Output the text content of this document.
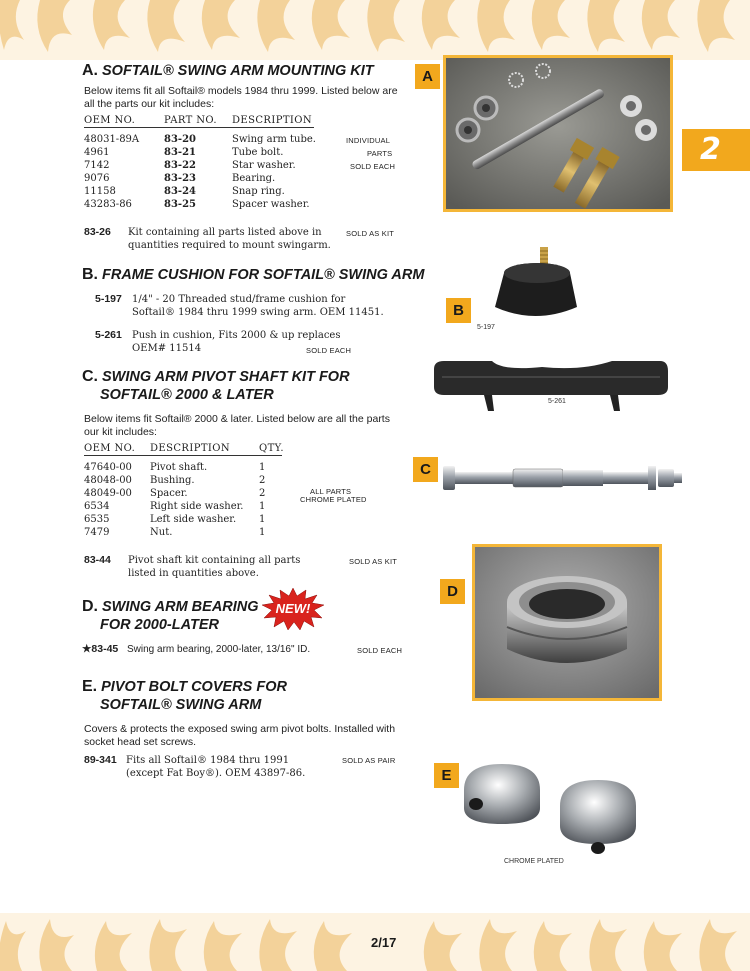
2
A. SOFTAIL® SWING ARM MOUNTING KIT
Below items fit all Softail® models 1984 thru 1999. Listed below are
all the parts our kit includes:
OEM NO.	PART NO. DESCRIPTION
48031-89A 83-20	Swing arm tube.
4961	83-21	Tube bolt.
7142	83-22	Star washer.
9076	83-23	Bearing.
11158	83-24	Snap ring.
43283-86	83-25	Spacer washer.
INDIVIDUAL
PARTS
SOLD EACH
83-26 Kit containing all parts listed above in
quantities required to mount swingarm.
SOLD AS KIT
B. FRAME CUSHION FOR SOFTAIL® SWING ARM
5-197 1/4" - 20 Threaded stud/frame cushion for
Softail® 1984 thru 1999 swing arm. OEM 11451.
5-261 Push in cushion, Fits 2000 & up replaces
OEM# 11514	SOLD EACH
C. SWING ARM PIVOT SHAFT KIT FOR
SOFTAIL® 2000 & LATER
Below items fit Softail® 2000 & later. Listed below are all the parts
our kit includes:
OEM NO. DESCRIPTION	QTY.
47640-00 Pivot shaft.	1
48048-00 Bushing.	2
48049-00 Spacer.	2
6534	Right side washer. 1
6535	Left side washer. 1
7479	Nut.	1
ALL PARTS
CHROME PLATED
83-44 Pivot shaft kit containing all parts
listed in quantities above.
SOLD AS KIT
D. SWING ARM BEARING
FOR 2000-LATER
NEW!
★83-45 Swing arm bearing, 2000-later, 13/16" ID.	SOLD EACH
E. PIVOT BOLT COVERS FOR
SOFTAIL® SWING ARM
Covers & protects the exposed swing arm pivot bolts. Installed with
socket head set screws.
89-341 Fits all Softail® 1984 thru 1991
(except Fat Boy®). OEM 43897-86.
SOLD AS PAIR
A
B
5-197
5-261
C
D
E
CHROME PLATED
2/17
